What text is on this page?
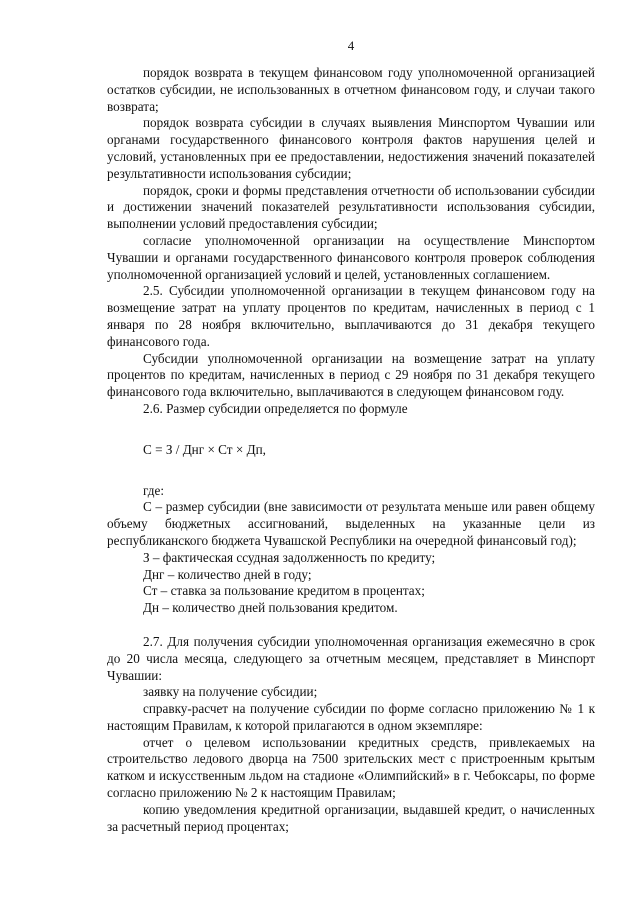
4

порядок возврата в текущем финансовом году уполномоченной организацией остатков субсидии, не использованных в отчетном финансовом году, и случаи такого возврата;

порядок возврата субсидии в случаях выявления Минспортом Чувашии или органами государственного финансового контроля фактов нарушения целей и условий, установленных при ее предоставлении, недостижения значений показателей результативности использования субсидии;

порядок, сроки и формы представления отчетности об использовании субсидии и достижении значений показателей результативности использования субсидии, выполнении условий предоставления субсидии;

согласие уполномоченной организации на осуществление Минспортом Чувашии и органами государственного финансового контроля проверок соблюдения уполномоченной организацией условий и целей, установленных соглашением.

2.5. Субсидии уполномоченной организации в текущем финансовом году на возмещение затрат на уплату процентов по кредитам, начисленных в период с 1 января по 28 ноября включительно, выплачиваются до 31 декабря текущего финансового года.

Субсидии уполномоченной организации на возмещение затрат на уплату процентов по кредитам, начисленных в период с 29 ноября по 31 декабря текущего финансового года включительно, выплачиваются в следующем финансовом году.

2.6. Размер субсидии определяется по формуле

С = З / Днг × Ст × Дп,

где:

С – размер субсидии (вне зависимости от результата меньше или равен общему объему бюджетных ассигнований, выделенных на указанные цели из республиканского бюджета Чувашской Республики на очередной финансовый год);

З – фактическая ссудная задолженность по кредиту;

Днг – количество дней в году;

Ст – ставка за пользование кредитом в процентах;

Дн – количество дней пользования кредитом.

2.7. Для получения субсидии уполномоченная организация ежемесячно в срок до 20 числа месяца, следующего за отчетным месяцем, представляет в Минспорт Чувашии:

заявку на получение субсидии;

справку-расчет на получение субсидии по форме согласно приложению № 1 к настоящим Правилам, к которой прилагаются в одном экземпляре:

отчет о целевом использовании кредитных средств, привлекаемых на строительство ледового дворца на 7500 зрительских мест с пристроенным крытым катком и искусственным льдом на стадионе «Олимпийский» в г. Чебоксары, по форме согласно приложению № 2 к настоящим Правилам;

копию уведомления кредитной организации, выдавшей кредит, о начисленных за расчетный период процентах;
